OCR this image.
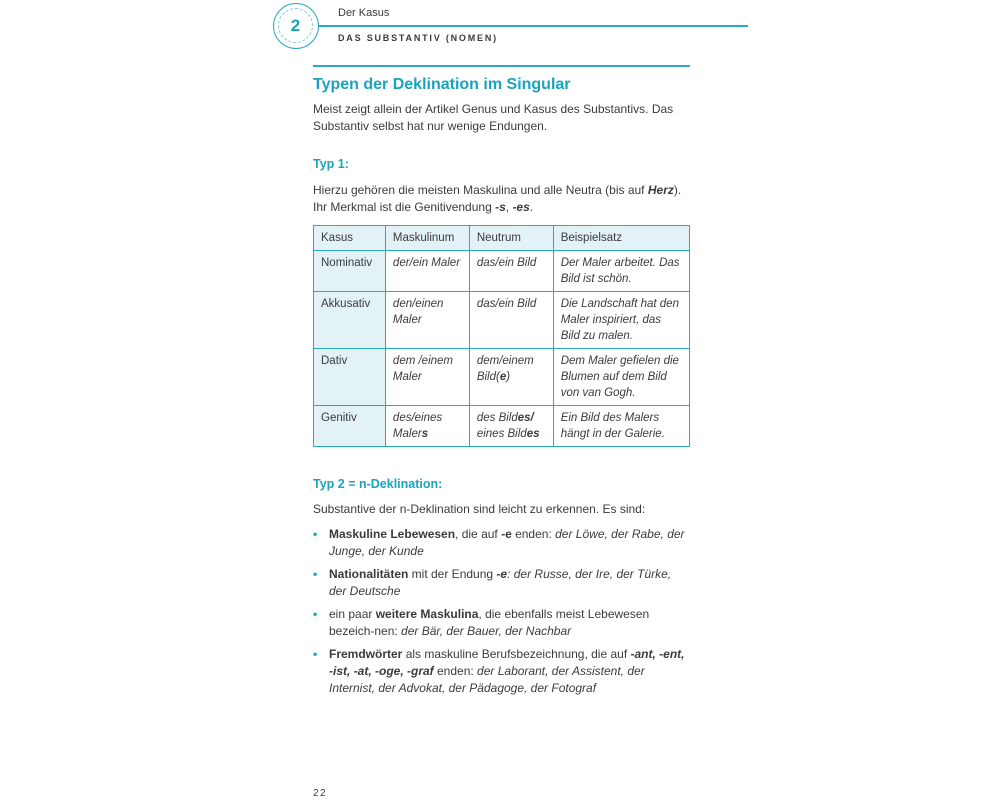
2
Der Kasus
DAS SUBSTANTIV (NOMEN)
Typen der Deklination im Singular
Meist zeigt allein der Artikel Genus und Kasus des Substantivs. Das Substantiv selbst hat nur wenige Endungen.
Typ 1:
Hierzu gehören die meisten Maskulina und alle Neutra (bis auf Herz).
Ihr Merkmal ist die Genitivendung -s, -es.
Kasus	Maskulinum	Neutrum	Beispielsatz
Nominativ	der/ein Maler	das/ein Bild	Der Maler arbeitet. Das Bild ist schön.
Akkusativ	den/einen Maler	das/ein Bild	Die Landschaft hat den Maler inspiriert, das Bild zu malen.
Dativ	dem /einem Maler	dem/einem Bild(e)	Dem Maler gefielen die Blumen auf dem Bild von van Gogh.
Genitiv	des/eines Malers	des Bildes/ eines Bildes	Ein Bild des Malers hängt in der Galerie.
Typ 2 = n-Deklination:
Substantive der n-Deklination sind leicht zu erkennen. Es sind:
• Maskuline Lebewesen, die auf -e enden: der Löwe, der Rabe, der Junge, der Kunde
• Nationalitäten mit der Endung -e: der Russe, der Ire, der Türke, der Deutsche
• ein paar weitere Maskulina, die ebenfalls meist Lebewesen bezeich-nen: der Bär, der Bauer, der Nachbar
• Fremdwörter als maskuline Berufsbezeichnung, die auf -ant, -ent, -ist, -at, -oge, -graf enden: der Laborant, der Assistent, der Internist, der Advokat, der Pädagoge, der Fotograf
22
